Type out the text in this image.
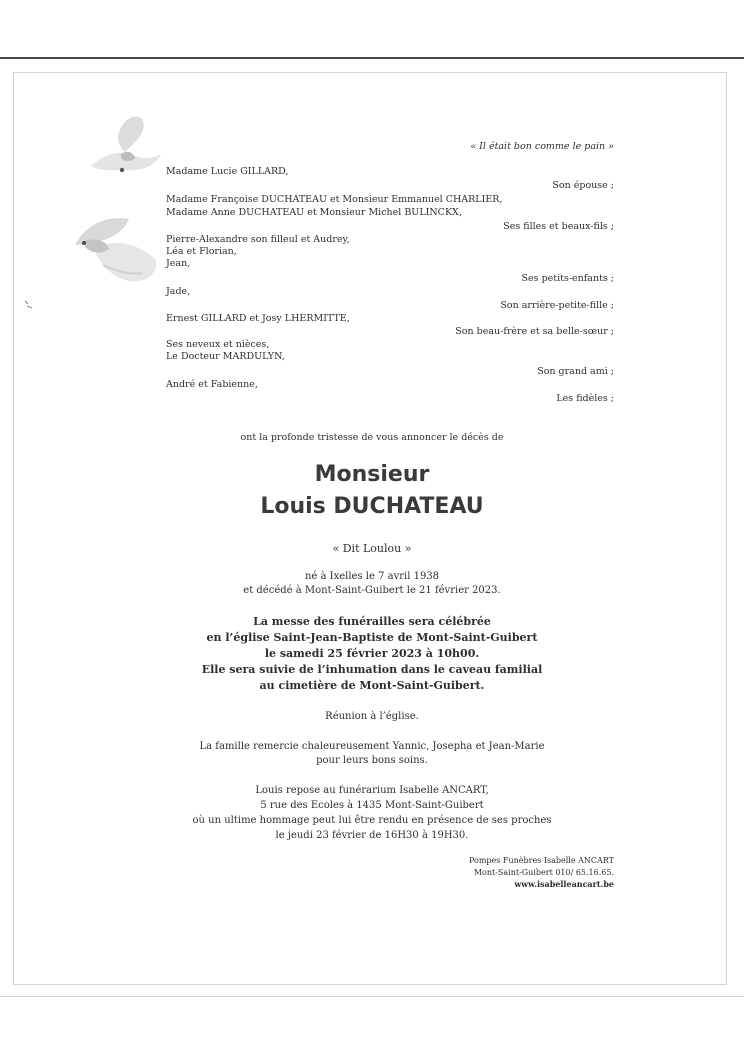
« Il était bon comme le pain »
Madame Lucie GILLARD,
Son épouse ;
Madame Françoise DUCHATEAU et Monsieur Emmanuel CHARLIER,
Madame Anne DUCHATEAU et Monsieur Michel BULINCKX,
Ses filles et beaux-fils ;
Pierre-Alexandre son filleul et Audrey,
Léa et Florian,
Jean,
Ses petits-enfants ;
Jade,
Son arrière-petite-fille ;
Ernest GILLARD et Josy LHERMITTE,
Son beau-frère et sa belle-sœur ;
Ses neveux et nièces,
Le Docteur MARDULYN,
Son grand ami ;
André et Fabienne,
Les fidèles ;
ont la profonde tristesse de vous annoncer le décès de
Monsieur
Louis DUCHATEAU
« Dit Loulou »
né à Ixelles le 7 avril 1938
et décédé à Mont-Saint-Guibert le 21 février 2023.
La messe des funérailles sera célébrée
en l’église Saint-Jean-Baptiste de Mont-Saint-Guibert
le samedi 25 février 2023 à 10h00.
Elle sera suivie de l’inhumation dans le caveau familial
au cimetière de Mont-Saint-Guibert.
Réunion à l’église.
La famille remercie chaleureusement Yannic, Josepha et Jean-Marie
pour leurs bons soins.
Louis repose au funérarium Isabelle ANCART,
5 rue des Ecoles à 1435 Mont-Saint-Guibert
où un ultime hommage peut lui être rendu en présence de ses proches
le jeudi 23 février de 16H30 à 19H30.
Pompes Funèbres Isabelle ANCART
Mont-Saint-Guibert 010/ 65.16.65.
www.isabelleancart.be
